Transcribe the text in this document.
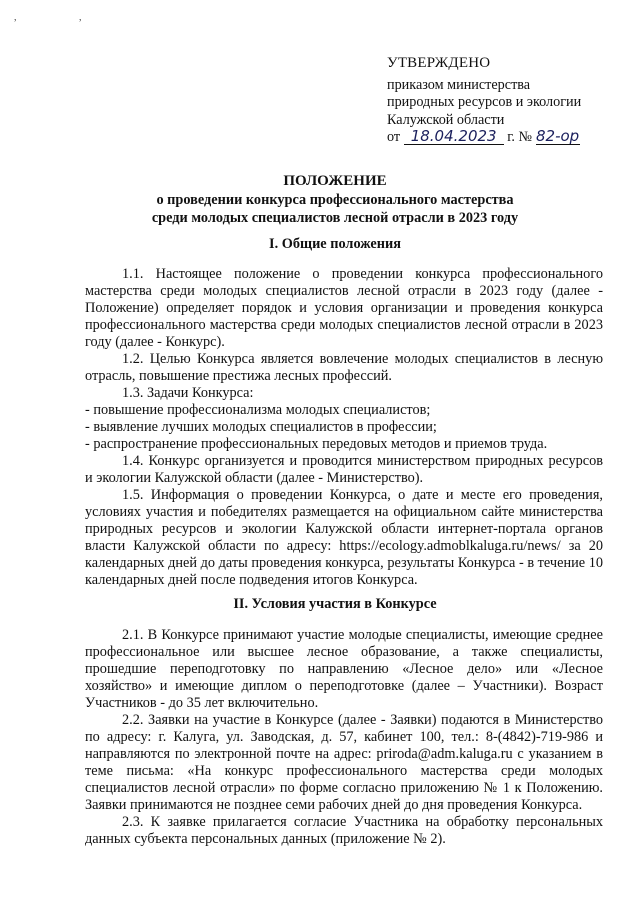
, ,
УТВЕРЖДЕНО
приказом министерства
природных ресурсов и экологии
Калужской области
от 18.04.2023 г. № 82-ор
ПОЛОЖЕНИЕ
о проведении конкурса профессионального мастерства
среди молодых специалистов лесной отрасли в 2023 году
I. Общие положения

1.1. Настоящее положение о проведении конкурса профессионального мастерства среди молодых специалистов лесной отрасли в 2023 году (далее - Положение) определяет порядок и условия организации и проведения конкурса профессионального мастерства среди молодых специалистов лесной отрасли в 2023 году (далее - Конкурс).

1.2. Целью Конкурса является вовлечение молодых специалистов в лесную отрасль, повышение престижа лесных профессий.

1.3. Задачи Конкурса:

- повышение профессионализма молодых специалистов;

- выявление лучших молодых специалистов в профессии;

- распространение профессиональных передовых методов и приемов труда.

1.4. Конкурс организуется и проводится министерством природных ресурсов и экологии Калужской области (далее - Министерство).

1.5. Информация о проведении Конкурса, о дате и месте его проведения, условиях участия и победителях размещается на официальном сайте министерства природных ресурсов и экологии Калужской области интернет-портала органов власти Калужской области по адресу: https://ecology.admoblkaluga.ru/news/ за 20 календарных дней до даты проведения конкурса, результаты Конкурса - в течение 10 календарных дней после подведения итогов Конкурса.

II. Условия участия в Конкурсе

2.1. В Конкурсе принимают участие молодые специалисты, имеющие среднее профессиональное или высшее лесное образование, а также специалисты, прошедшие переподготовку по направлению «Лесное дело» или «Лесное хозяйство» и имеющие диплом о переподготовке (далее – Участники). Возраст Участников - до 35 лет включительно.

2.2. Заявки на участие в Конкурсе (далее - Заявки) подаются в Министерство по адресу: г. Калуга, ул. Заводская, д. 57, кабинет 100, тел.: 8-(4842)-719-986 и направляются по электронной почте на адрес: priroda@adm.kaluga.ru с указанием в теме письма: «На конкурс профессионального мастерства среди молодых специалистов лесной отрасли» по форме согласно приложению № 1 к Положению. Заявки принимаются не позднее семи рабочих дней до дня проведения Конкурса.

2.3. К заявке прилагается согласие Участника на обработку персональных данных субъекта персональных данных (приложение № 2).
